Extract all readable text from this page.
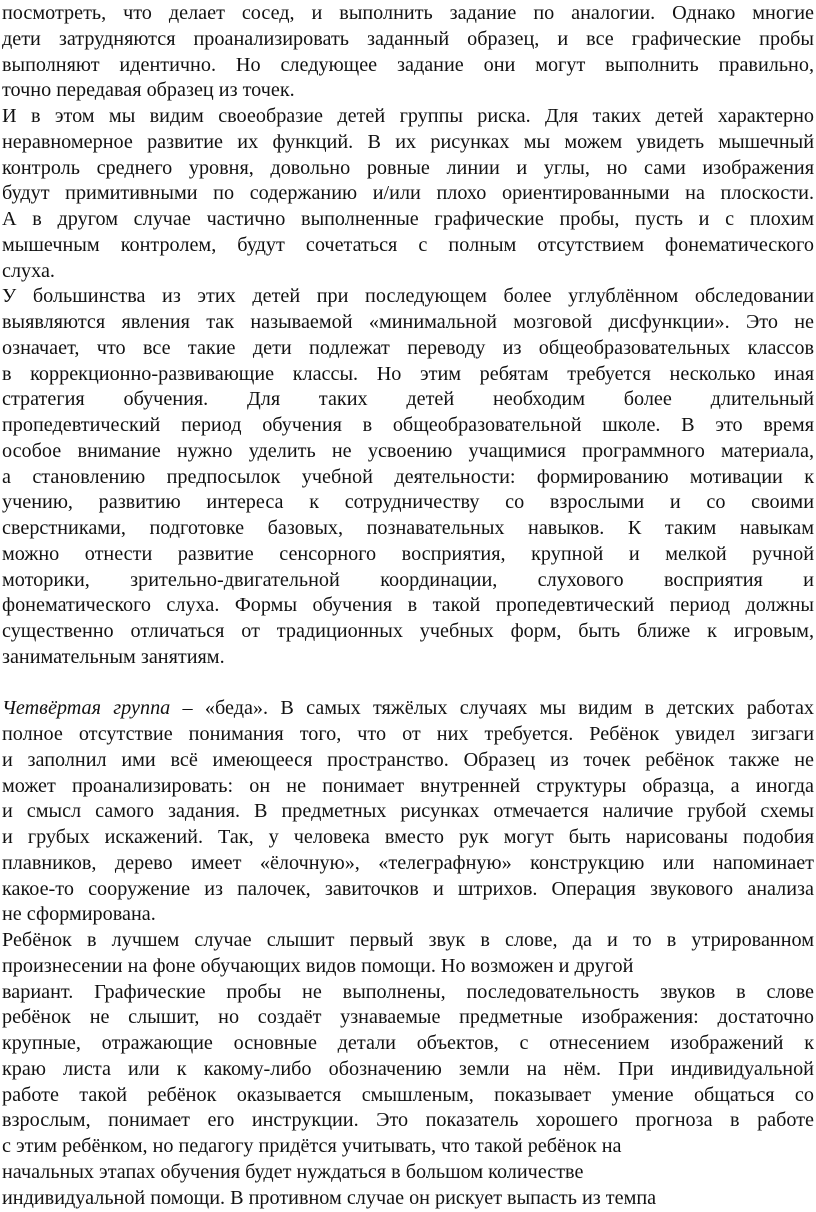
посмотреть, что делает сосед, и выполнить задание по аналогии. Однако многие
дети затрудняются проанализировать заданный образец, и все графические пробы
выполняют идентично. Но следующее задание они могут выполнить правильно,
точно передавая образец из точек.
И в этом мы видим своеобразие детей группы риска. Для таких детей характерно
неравномерное развитие их функций. В их рисунках мы можем увидеть мышечный
контроль среднего уровня, довольно ровные линии и углы, но сами изображения
будут примитивными по содержанию и/или плохо ориентированными на плоскости.
А в другом случае частично выполненные графические пробы, пусть и с плохим
мышечным контролем, будут сочетаться с полным отсутствием фонематического
слуха.
У большинства из этих детей при последующем более углублённом обследовании
выявляются явления так называемой «минимальной мозговой дисфункции». Это не
означает, что все такие дети подлежат переводу из общеобразовательных классов
в коррекционно-развивающие классы. Но этим ребятам требуется несколько иная
стратегия обучения. Для таких детей необходим более длительный
пропедевтический период обучения в общеобразовательной школе. В это время
особое внимание нужно уделить не усвоению учащимися программного материала,
а становлению предпосылок учебной деятельности: формированию мотивации к
учению, развитию интереса к сотрудничеству со взрослыми и со своими
сверстниками, подготовке базовых, познавательных навыков. К таким навыкам
можно отнести развитие сенсорного восприятия, крупной и мелкой ручной
моторики, зрительно-двигательной координации, слухового восприятия и
фонематического слуха. Формы обучения в такой пропедевтический период должны
существенно отличаться от традиционных учебных форм, быть ближе к игровым,
занимательным занятиям.
Четвёртая группа – «беда». В самых тяжёлых случаях мы видим в детских работах
полное отсутствие понимания того, что от них требуется. Ребёнок увидел зигзаги
и заполнил ими всё имеющееся пространство. Образец из точек ребёнок также не
может проанализировать: он не понимает внутренней структуры образца, а иногда
и смысл самого задания. В предметных рисунках отмечается наличие грубой схемы
и грубых искажений. Так, у человека вместо рук могут быть нарисованы подобия
плавников, дерево имеет «ёлочную», «телеграфную» конструкцию или напоминает
какое-то сооружение из палочек, завиточков и штрихов. Операция звукового анализа
не сформирована.
Ребёнок в лучшем случае слышит первый звук в слове, да и то в утрированном
произнесении на фоне обучающих видов помощи. Но возможен и другой
вариант. Графические пробы не выполнены, последовательность звуков в слове
ребёнок не слышит, но создаёт узнаваемые предметные изображения: достаточно
крупные, отражающие основные детали объектов, с отнесением изображений к
краю листа или к какому-либо обозначению земли на нём. При индивидуальной
работе такой ребёнок оказывается смышленым, показывает умение общаться со
взрослым, понимает его инструкции. Это показатель хорошего прогноза в работе
с этим ребёнком, но педагогу придётся учитывать, что такой ребёнок на
начальных этапах обучения будет нуждаться в большом количестве
индивидуальной помощи. В противном случае он рискует выпасть из темпа
